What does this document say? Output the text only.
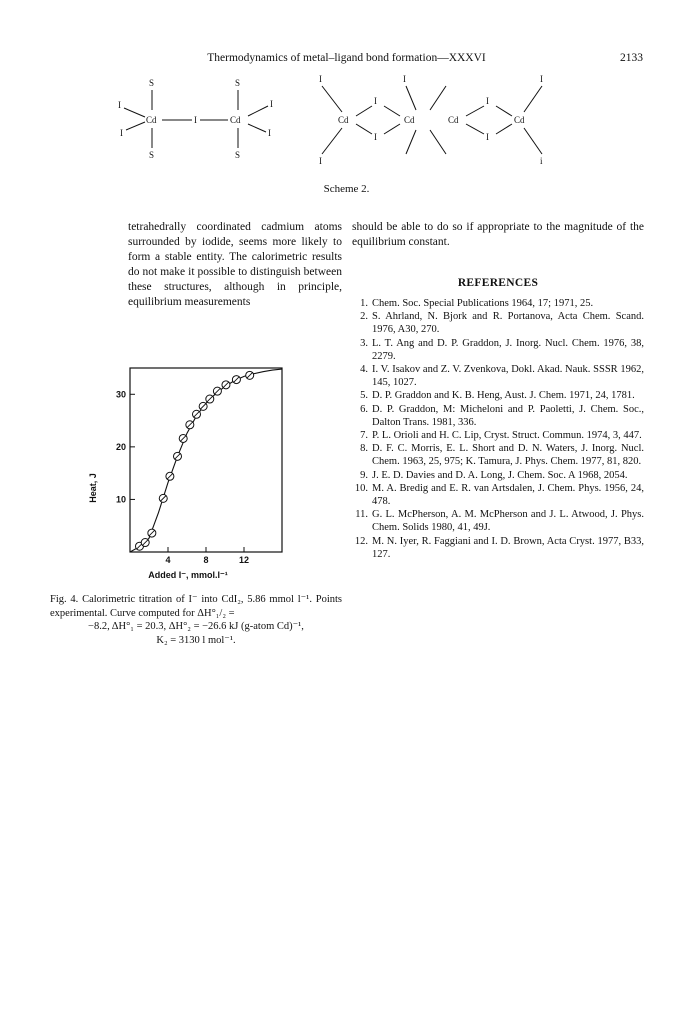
Thermodynamics of metal–ligand bond formation—XXXVI	2133
S	S
I
I
Cd	I	Cd
I
I
S	S
I	I
I
Cd
I
Cd	Cd
I
Cd
I
I
I	i
Scheme 2.

tetrahedrally coordinated cadmium atoms surrounded by iodide, seems more likely to form a stable entity. The calorimetric results do not make it possible to distinguish between these structures, although in principle, equilibrium measurements

should be able to do so if appropriate to the magnitude of the equilibrium constant.

REFERENCES
1. Chem. Soc. Special Publications 1964, 17; 1971, 25.
2. S. Ahrland, N. Bjork and R. Portanova, Acta Chem. Scand. 1976, A30, 270.
3. L. T. Ang and D. P. Graddon, J. Inorg. Nucl. Chem. 1976, 38, 2279.
4. I. V. Isakov and Z. V. Zvenkova, Dokl. Akad. Nauk. SSSR 1962, 145, 1027.
5. D. P. Graddon and K. B. Heng, Aust. J. Chem. 1971, 24, 1781.
6. D. P. Graddon, M: Micheloni and P. Paoletti, J. Chem. Soc., Dalton Trans. 1981, 336.
7. P. L. Orioli and H. C. Lip, Cryst. Struct. Commun. 1974, 3, 447.
8. D. F. C. Morris, E. L. Short and D. N. Waters, J. Inorg. Nucl. Chem. 1963, 25, 975; K. Tamura, J. Phys. Chem. 1977, 81, 820.
9. J. E. D. Davies and D. A. Long, J. Chem. Soc. A 1968, 2054.
10. M. A. Bredig and E. R. van Artsdalen, J. Chem. Phys. 1956, 24, 478.
11. G. L. McPherson, A. M. McPherson and J. L. Atwood, J. Phys. Chem. Solids 1980, 41, 49J.
12. M. N. Iyer, R. Faggiani and I. D. Brown, Acta Cryst. 1977, B33, 127.
4	8	12
10
20
30
Added I⁻, mmol.l⁻¹
Heat, J
Fig. 4. Calorimetric titration of I⁻ into CdI₂, 5.86 mmol l⁻¹. Points experimental. Curve computed for ΔH°₁/₂ =
−8.2, ΔH°₁ = 20.3, ΔH°₂ = −26.6 kJ (g-atom Cd)⁻¹,
K₂ = 3130 l mol⁻¹.
